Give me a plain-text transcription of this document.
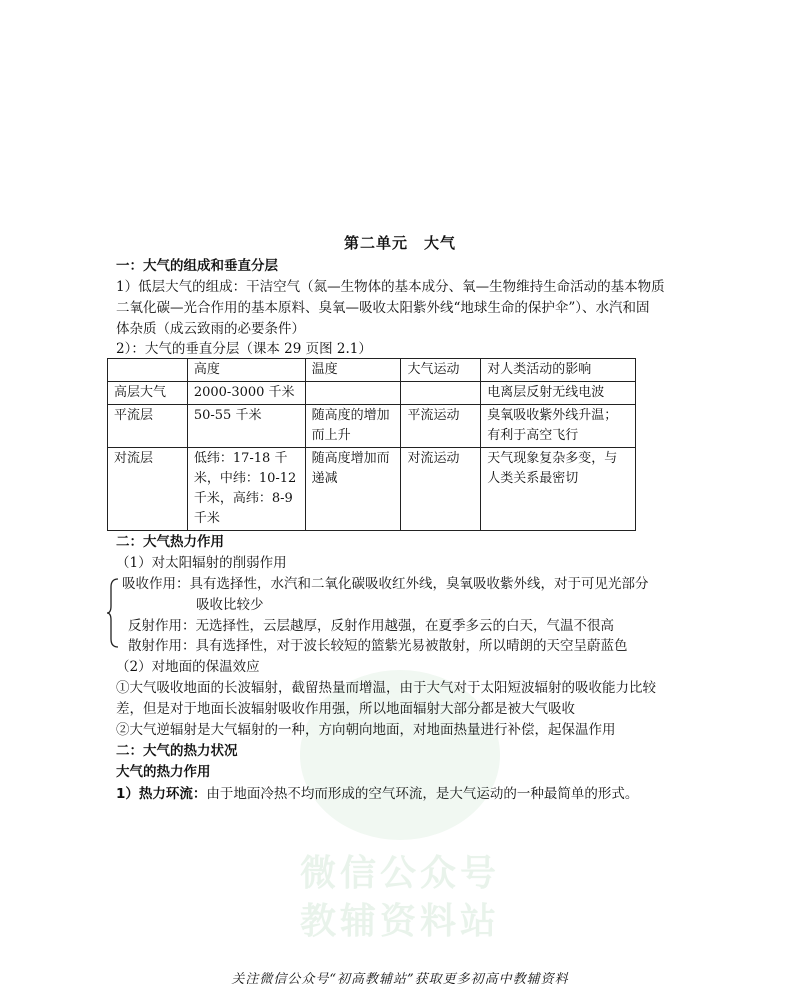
微信公众号
教辅资料站
第二单元　大气
一：大气的组成和垂直分层
1）低层大气的组成：干洁空气（氮—生物体的基本成分、氧—生物维持生命活动的基本物质
二氧化碳—光合作用的基本原料、臭氧—吸收太阳紫外线“地球生命的保护伞”）、水汽和固
体杂质（成云致雨的必要条件）
2）：大气的垂直分层（课本 29 页图 2.1）
	高度	温度	大气运动	对人类活动的影响
高层大气	2000-3000 千米			电离层反射无线电波
平流层	50-55 千米	随高度的增加而上升	平流运动	臭氧吸收紫外线升温；有利于高空飞行
对流层	低纬：17-18 千米，中纬：10-12 千米，高纬：8-9 千米	随高度增加而递减	对流运动	天气现象复杂多变，与人类关系最密切
二：大气热力作用
（1）对太阳辐射的削弱作用
吸收作用：具有选择性，水汽和二氧化碳吸收红外线，臭氧吸收紫外线，对于可见光部分
吸收比较少
反射作用：无选择性，云层越厚，反射作用越强，在夏季多云的白天，气温不很高
散射作用：具有选择性，对于波长较短的篮紫光易被散射，所以晴朗的天空呈蔚蓝色
（2）对地面的保温效应
①大气吸收地面的长波辐射，截留热量而增温，由于大气对于太阳短波辐射的吸收能力比较
差，但是对于地面长波辐射吸收作用强，所以地面辐射大部分都是被大气吸收
②大气逆辐射是大气辐射的一种，方向朝向地面，对地面热量进行补偿，起保温作用
二：大气的热力状况
大气的热力作用
1）热力环流：由于地面冷热不均而形成的空气环流，是大气运动的一种最简单的形式。
关注微信公众号“初高教辅站”获取更多初高中教辅资料
